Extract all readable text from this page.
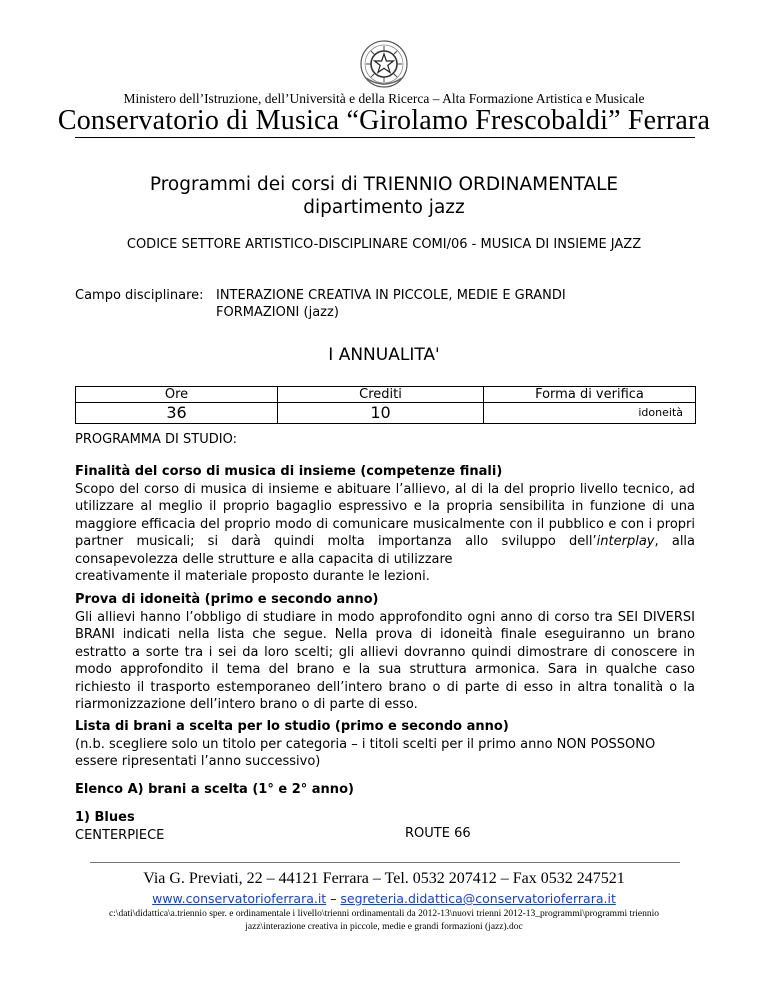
Ministero dell’Istruzione, dell’Università e della Ricerca – Alta Formazione Artistica e Musicale
Conservatorio di Musica “Girolamo Frescobaldi” Ferrara
Programmi dei corsi di TRIENNIO ORDINAMENTALE
dipartimento jazz
CODICE SETTORE ARTISTICO-DISCIPLINARE COMI/06 - MUSICA DI INSIEME JAZZ
Campo disciplinare: INTERAZIONE CREATIVA IN PICCOLE, MEDIE E GRANDI
FORMAZIONI (jazz)
I ANNUALITA'
Ore	Crediti	Forma di verifica
36	10	idoneità
PROGRAMMA DI STUDIO:

Finalità del corso di musica di insieme (competenze finali)

Scopo del corso di musica di insieme e abituare l’allievo, al di la del proprio livello tecnico, ad utilizzare al meglio il proprio bagaglio espressivo e la propria sensibilita in funzione di una maggiore efficacia del proprio modo di comunicare musicalmente con il pubblico e con i propri partner musicali; si darà quindi molta importanza allo sviluppo dell’interplay, alla consapevolezza delle strutture e alla capacita di utilizzare

creativamente il materiale proposto durante le lezioni.

Prova di idoneità (primo e secondo anno)

Gli allievi hanno l’obbligo di studiare in modo approfondito ogni anno di corso tra SEI DIVERSI BRANI indicati nella lista che segue. Nella prova di idoneità finale eseguiranno un brano estratto a sorte tra i sei da loro scelti; gli allievi dovranno quindi dimostrare di conoscere in modo approfondito il tema del brano e la sua struttura armonica. Sara in qualche caso richiesto il trasporto estemporaneo dell’intero brano o di parte di esso in altra tonalità o la riarmonizzazione dell’intero brano o di parte di esso.

Lista di brani a scelta per lo studio (primo e secondo anno)

(n.b. scegliere solo un titolo per categoria – i titoli scelti per il primo anno NON POSSONO essere ripresentati l’anno successivo)

Elenco A) brani a scelta (1° e 2° anno)

1) Blues

CENTERPIECE	ROUTE 66
Via G. Previati, 22 – 44121 Ferrara – Tel. 0532 207412 – Fax 0532 247521
www.conservatorioferrara.it – segreteria.didattica@conservatorioferrara.it
c:\dati\didattica\a.triennio sper. e ordinamentale i livello\trienni ordinamentali da 2012-13\nuovi trienni 2012-13_programmi\programmi triennio jazz\interazione creativa in piccole, medie e grandi formazioni (jazz).doc
